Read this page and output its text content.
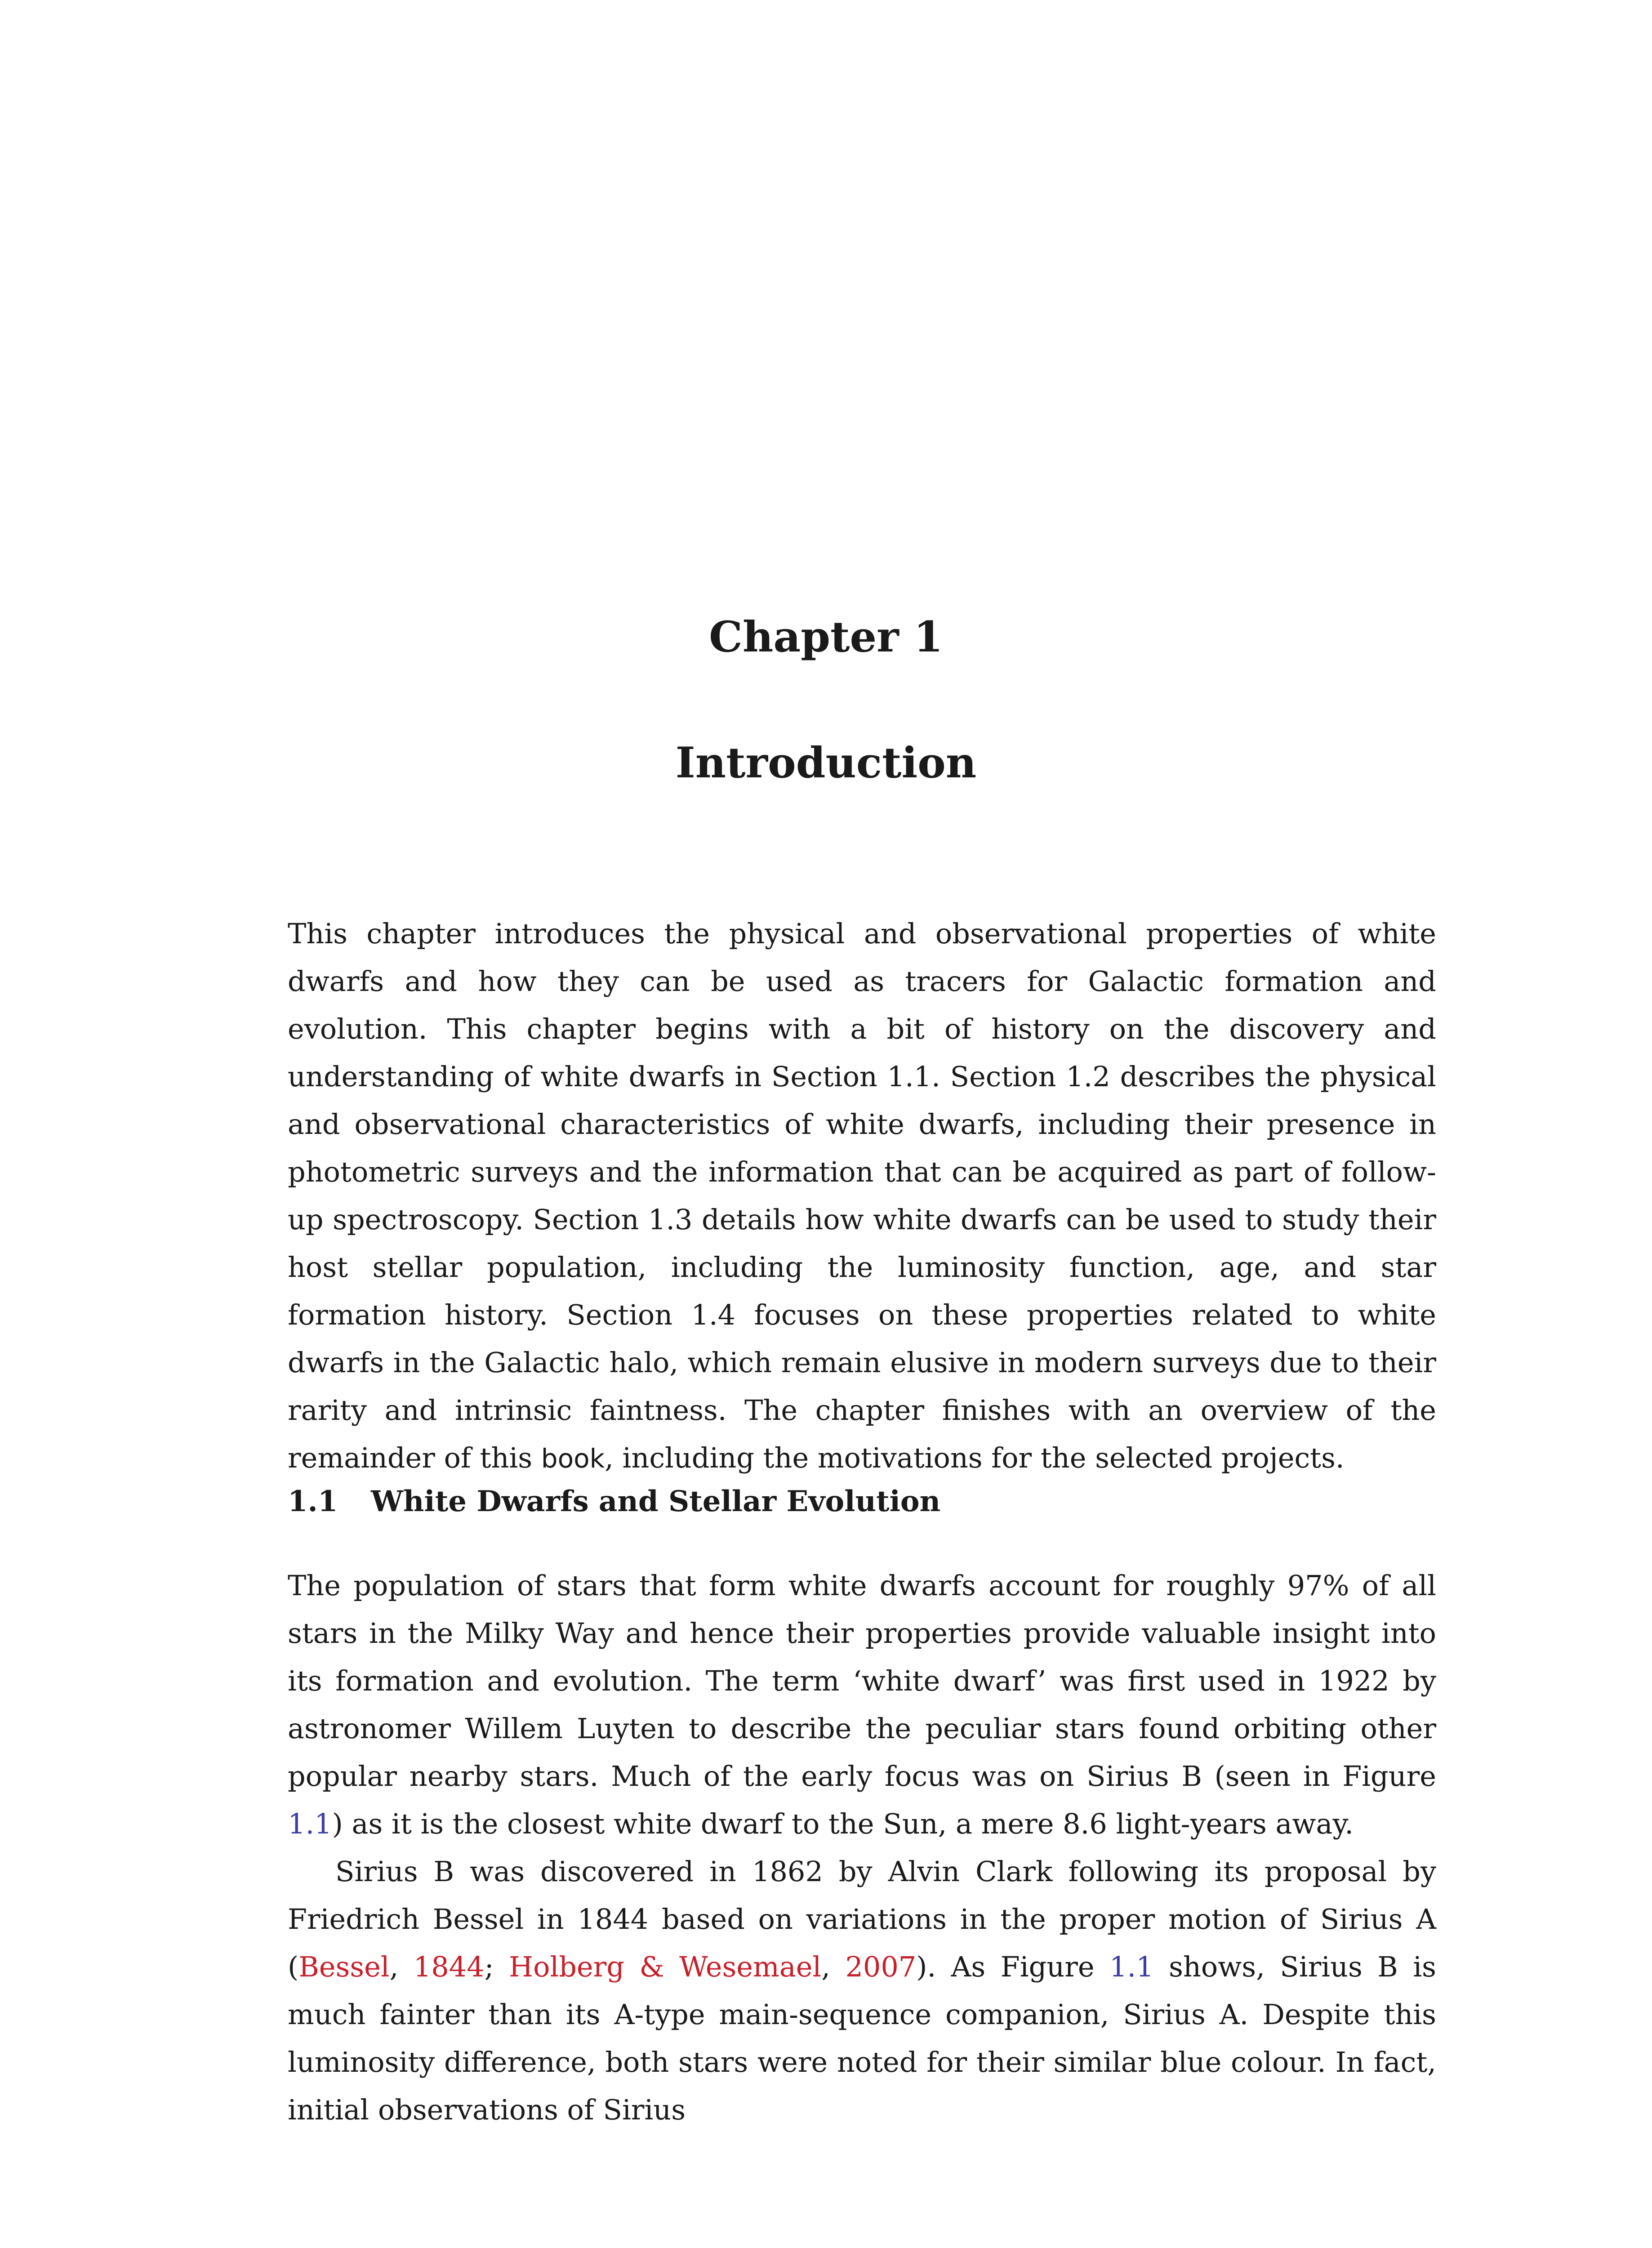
Chapter 1
Introduction

This chapter introduces the physical and observational properties of white dwarfs and how they can be used as tracers for Galactic formation and evolution. This chapter begins with a bit of history on the discovery and understanding of white dwarfs in Section 1.1. Section 1.2 describes the physical and observational characteristics of white dwarfs, including their presence in photometric surveys and the information that can be acquired as part of follow-up spectroscopy. Section 1.3 details how white dwarfs can be used to study their host stellar population, including the luminosity function, age, and star formation history. Section 1.4 focuses on these properties related to white dwarfs in the Galactic halo, which remain elusive in modern surveys due to their rarity and intrinsic faintness. The chapter finishes with an overview of the remainder of this book, including the motivations for the selected projects.

1.1 White Dwarfs and Stellar Evolution

The population of stars that form white dwarfs account for roughly 97% of all stars in the Milky Way and hence their properties provide valuable insight into its formation and evolution. The term ‘white dwarf’ was first used in 1922 by astronomer Willem Luyten to describe the peculiar stars found orbiting other popular nearby stars. Much of the early focus was on Sirius B (seen in Figure 1.1) as it is the closest white dwarf to the Sun, a mere 8.6 light-years away.

Sirius B was discovered in 1862 by Alvin Clark following its proposal by Friedrich Bessel in 1844 based on variations in the proper motion of Sirius A (Bessel, 1844; Holberg & Wesemael, 2007). As Figure 1.1 shows, Sirius B is much fainter than its A-type main-sequence companion, Sirius A. Despite this luminosity difference, both stars were noted for their similar blue colour. In fact, initial observations of Sirius
